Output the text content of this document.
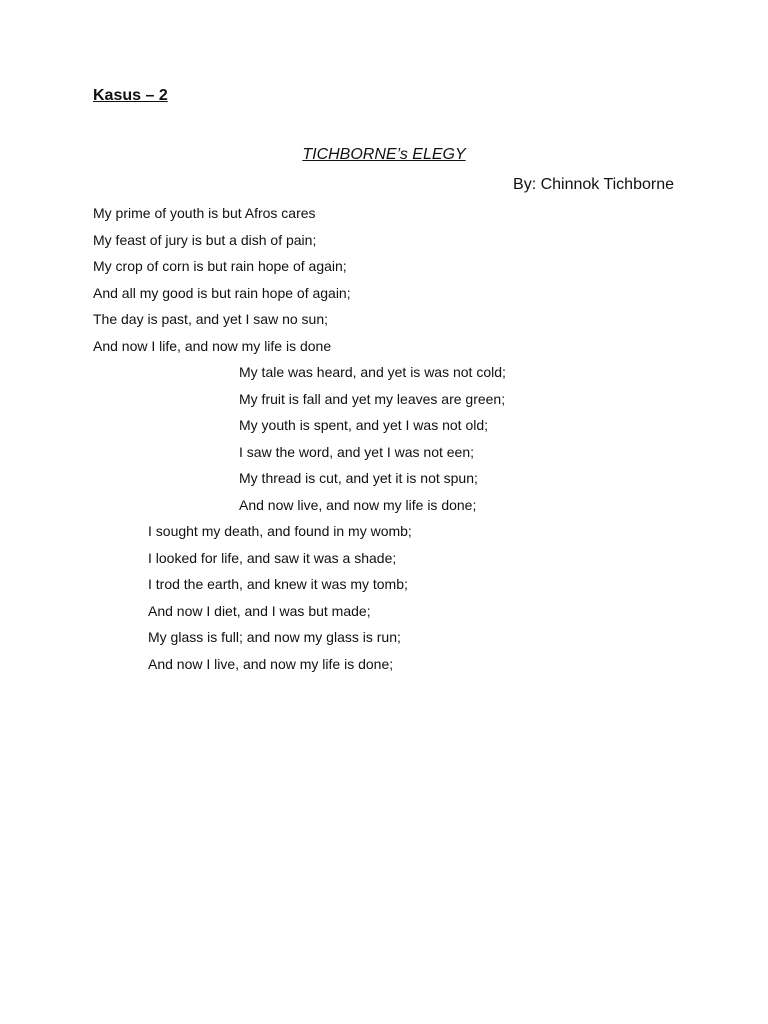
Kasus – 2
TICHBORNE’s ELEGY
By: Chinnok Tichborne
My prime of youth is but Afros cares
My feast of jury is but a dish of pain;
My crop of corn is but rain hope of again;
And all my good is but rain hope of again;
The day is past, and yet I saw no sun;
And now I life, and now my life is done
My tale was heard, and yet is was not cold;
My fruit is fall and yet my leaves are green;
My youth is spent, and yet I was not old;
I saw the word, and yet I was not een;
My thread is cut, and yet it is not spun;
And now live, and now my life is done;
I sought my death, and found in my womb;
I looked for life, and saw it was a shade;
I trod the earth, and knew it was my tomb;
And now I diet, and I was but made;
My glass is full; and now my glass is run;
And now I live, and now my life is done;
